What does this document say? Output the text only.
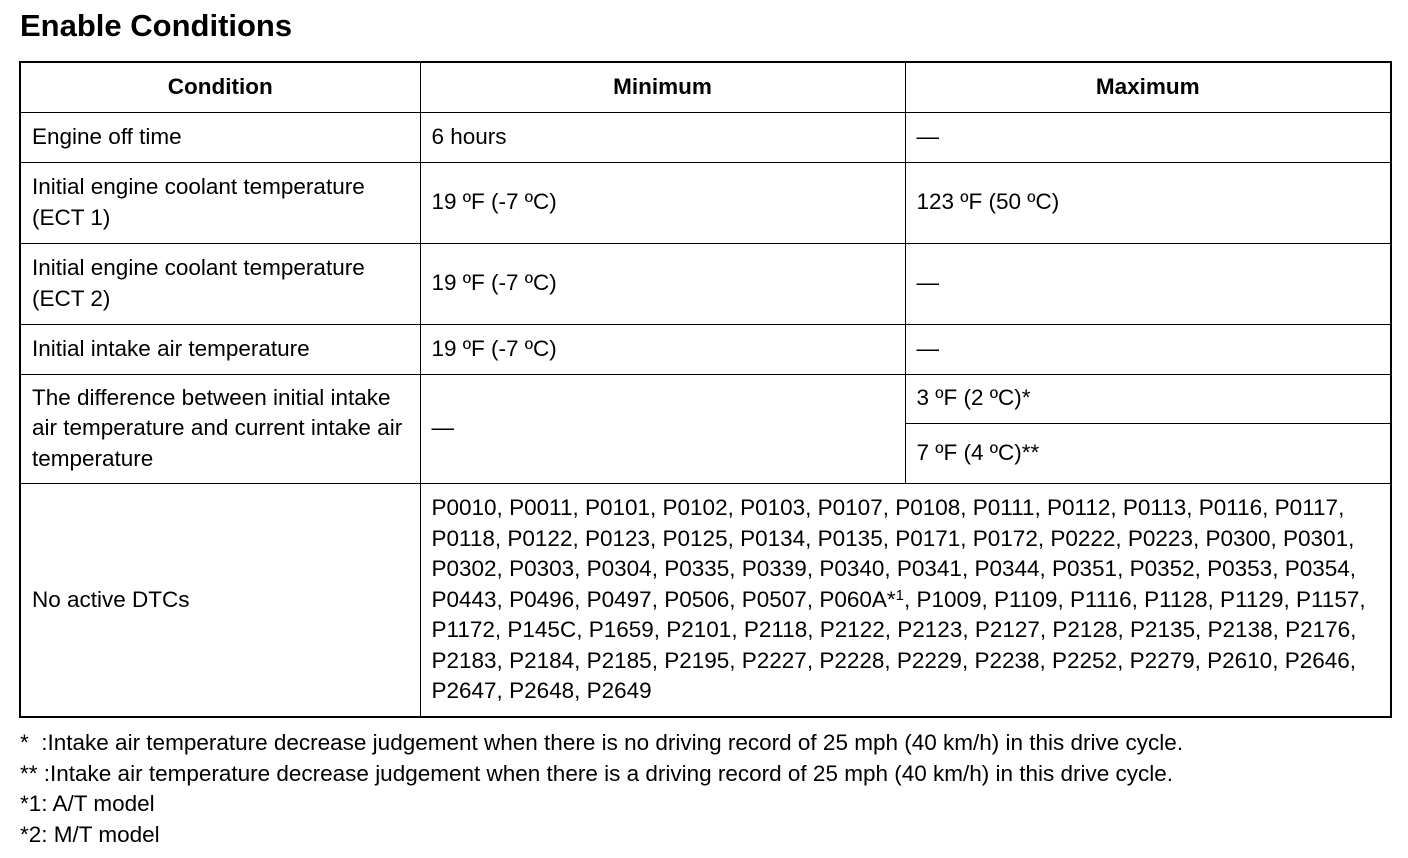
Enable Conditions
Condition	Minimum	Maximum
Engine off time	6 hours	—
Initial engine coolant temperature (ECT 1)	19 ºF (-7 ºC)	123 ºF (50 ºC)
Initial engine coolant temperature (ECT 2)	19 ºF (-7 ºC)	—
Initial intake air temperature	19 ºF (-7 ºC)	—
The difference between initial intake air temperature and current intake air temperature	—	3 ºF (2 ºC)*
		7 ºF (4 ºC)**
No active DTCs	P0010, P0011, P0101, P0102, P0103, P0107, P0108, P0111, P0112, P0113, P0116, P0117, P0118, P0122, P0123, P0125, P0134, P0135, P0171, P0172, P0222, P0223, P0300, P0301, P0302, P0303, P0304, P0335, P0339, P0340, P0341, P0344, P0351, P0352, P0353, P0354, P0443, P0496, P0497, P0506, P0507, P060A*$^1$, P1009, P1109, P1116, P1128, P1129, P1157, P1172, P145C, P1659, P2101, P2118, P2122, P2123, P2127, P2128, P2135, P2138, P2176, P2183, P2184, P2185, P2195, P2227, P2228, P2229, P2238, P2252, P2279, P2610, P2646, P2647, P2648, P2649	
*  :Intake air temperature decrease judgement when there is no driving record of 25 mph (40 km/h) in this drive cycle.
** :Intake air temperature decrease judgement when there is a driving record of 25 mph (40 km/h) in this drive cycle.
*1: A/T model
*2: M/T model
